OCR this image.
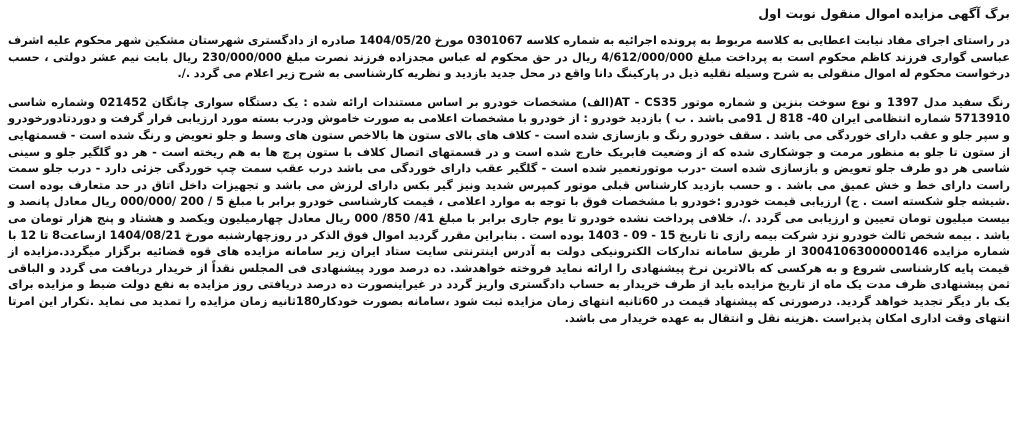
برگ آگهی مزایده اموال منقول نوبت اول

در راستای اجرای مفاد نیابت اعطایی به کلاسه مربوط به پرونده اجرائیه به شماره کلاسه 0301067 مورخ 1404/05/20 صادره از دادگستری شهرستان مشکین شهر محکوم علیه اشرف عباسی گواری فرزند کاظم محکوم است به پرداخت مبلغ 4/612/000/000 ریال در حق محکوم له عباس مجدزاده فرزند نصرت مبلغ 230/000/000 ریال بابت نیم عشر دولتی ، حسب درخواست محکوم له اموال منقولی به شرح وسیله نقلیه ذیل در پارکینگ دانا واقع در محل جدید بازدید و نظریه کارشناسی به شرح زیر اعلام می گردد ./.

رنگ سفید مدل 1397 و نوع سوخت بنزین و شماره موتور AT - CS35(الف) مشخصات خودرو بر اساس مستندات ارائه شده : یک دستگاه سواری چانگان 021452 وشماره شاسی 5713910 شماره انتظامی ایران 40- 818 ل 91می باشد . ب ) بازدید خودرو : از خودرو با مشخصات اعلامی به صورت خاموش ودرب بسته مورد ارزیابی قرار گرفت و دوردتادورخودرو و سپر جلو و عقب دارای خوردگی می باشد . سقف خودرو رنگ و بازسازی شده است - کلاف های بالای ستون ها بالاخص ستون های وسط و جلو تعویض و رنگ شده است - قسمتهایی از ستون تا جلو به منظور مرمت و جوشکاری شده که از وضعیت فابریک خارج شده است و در قسمتهای اتصال کلاف با ستون پرچ ها به هم ریخته است - هر دو گلگیر جلو و سینی شاسی هر دو طرف جلو تعویض و بازسازی شده است -درب موتورتعمیر شده است - گلگیر عقب دارای خوردگی می باشد درب عقب سمت چپ خوردگی جزئی دارد - درب جلو سمت راست دارای خط و خش عمیق می باشد . و حسب بازدید کارشناس قبلی موتور کمپرس شدید ونیز گیر بکس دارای لرزش می باشد و تجهیزات داخل اتاق در حد متعارف بوده است .شیشه جلو شکسته است . ج) ارزیابی قیمت خودرو :خودرو با مشخصات فوق با توجه به موارد اعلامی ، قیمت کارشناسی خودرو برابر با مبلغ 5 / 200 /000/000 ریال معادل پانصد و بیست میلیون تومان تعیین و ارزیابی می گردد ./. خلافی پرداخت نشده خودرو تا یوم جاری برابر با مبلغ 41/ 850/ 000 ریال معادل چهارمیلیون ویکصد و هشتاد و پنج هزار تومان می باشد . بیمه شخص ثالث خودرو نزد شرکت بیمه رازی تا تاریخ 15 - 09 - 1403 بوده است . بنابراین مقرر گردید اموال فوق الذکر در روزچهارشنبه مورخ 1404/08/21 ازساعت8 تا 12 با شماره مزایده 3004106300000146 از طریق سامانه تدارکات الکترونیکی دولت به آدرس اینترنتی سایت ستاد ایران زیر سامانه مزایده های قوه قضائیه برگزار میگردد.مزایده از قیمت پایه کارشناسی شروع و به هرکسی که بالاترین نرخ پیشنهادی را ارائه نماید فروخته خواهدشد. ده درصد مورد پیشنهادی فی المجلس نقداً از خریدار دریافت می گردد و الباقی ثمن پیشنهادی ظرف مدت یک ماه از تاریخ مزایده باید از طرف خریدار به حساب دادگستری واریز گردد در غیراینصورت ده درصد دریافتی روز مزایده به نفع دولت ضبط و مزایده برای یک بار دیگر تجدید خواهد گردید. درصورتی که پیشنهاد قیمت در 60ثانیه انتهای زمان مزایده ثبت شود ،سامانه بصورت خودکار180ثانیه زمان مزایده را تمدید می نماید .تکرار این امرتا انتهای وقت اداری امکان پذیراست .هزینه نقل و انتقال به عهده خریدار می باشد.
